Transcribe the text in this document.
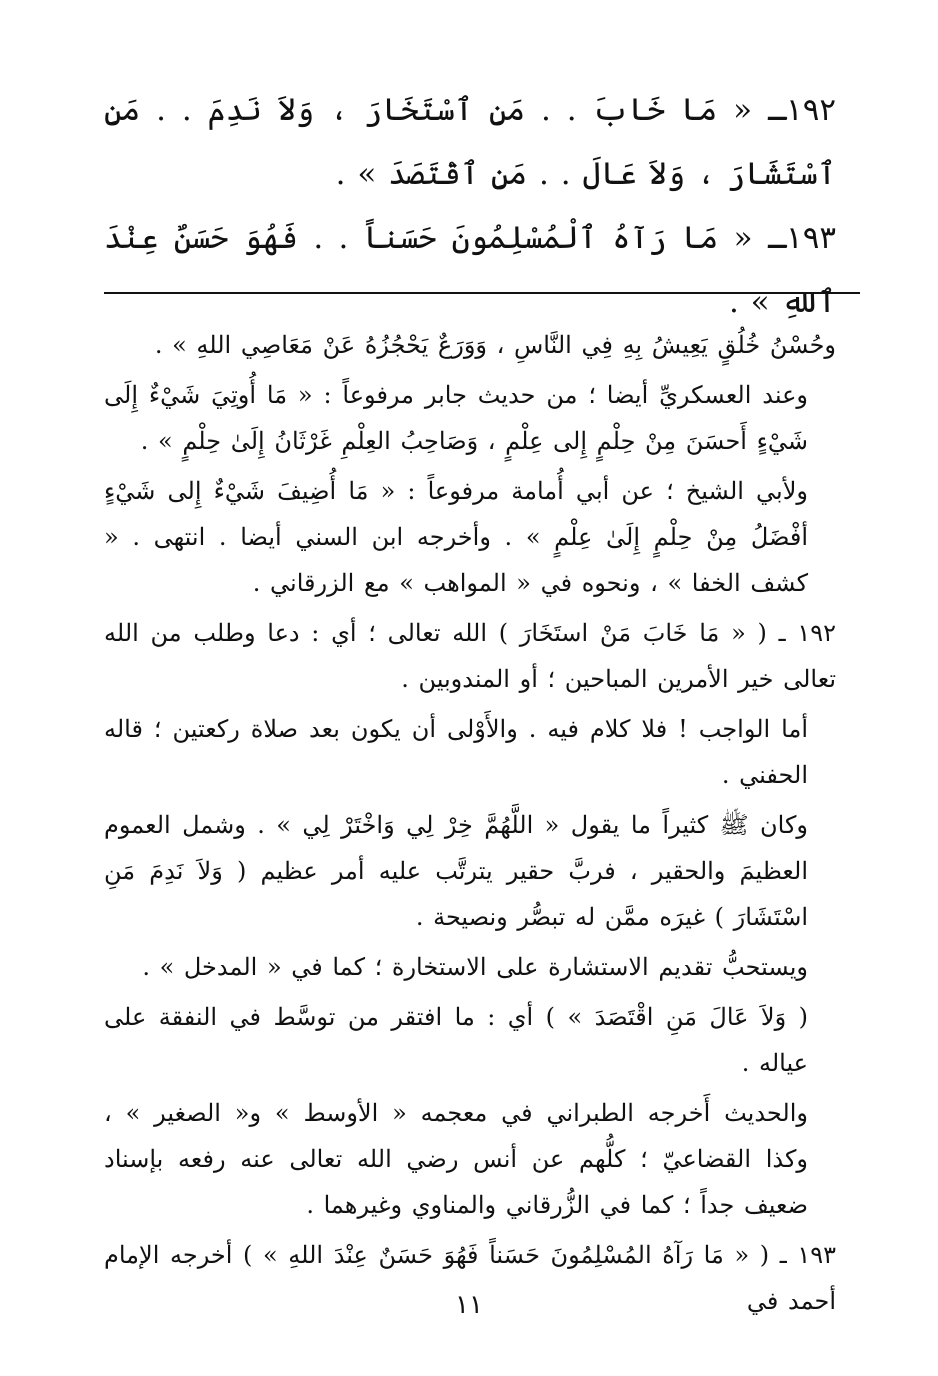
١٩٢ـ « مَا خَابَ . . مَنِ ٱسْتَخَارَ ، وَلاَ نَدِمَ . . مَنِ ٱسْتَشَارَ ، وَلاَ عَالَ . . مَنِ ٱقْتَصَدَ » .

١٩٣ـ « مَا رَآهُ ٱلْمُسْلِمُونَ حَسَناً . . فَهُوَ حَسَنٌ عِنْدَ ٱللهِ » .

وحُسْنُ خُلُقٍ يَعِيشُ بِهِ فِي النَّاسِ ، وَوَرَعٌ يَحْجُزُهُ عَنْ مَعَاصِي اللهِ » .

وعند العسكريِّ أيضا ؛ من حديث جابر مرفوعاً : « مَا أُوتِيَ شَيْءٌ إِلَى شَيْءٍ أَحسَنَ مِنْ حِلْمٍ إِلى عِلْمٍ ، وَصَاحِبُ العِلْمِ غَرْثَانُ إِلَىٰ حِلْمٍ » .

ولأبي الشيخ ؛ عن أبي أُمامة مرفوعاً : « مَا أُضِيفَ شَيْءٌ إِلى شَيْءٍ أفْضَلُ مِنْ حِلْمٍ إِلَىٰ عِلْمٍ » . وأخرجه ابن السني أيضا . انتهى . « كشف الخفا » ، ونحوه في « المواهب » مع الزرقاني .

١٩٢ ـ ( « مَا خَابَ مَنْ استَخَارَ ) الله تعالى ؛ أي : دعا وطلب من الله تعالى خير الأمرين المباحين ؛ أو المندوبين .

أما الواجب ! فلا كلام فيه . والأَوْلى أن يكون بعد صلاة ركعتين ؛ قاله الحفني .

وكان ﷺ كثيراً ما يقول « اللَّهُمَّ خِرْ لِي وَاخْتَرْ لِي » . وشمل العموم العظيمَ والحقير ، فربَّ حقير يترتَّب عليه أمر عظيم ( وَلاَ نَدِمَ مَنِ اسْتَشَارَ ) غيرَه ممَّن له تبصُّر ونصيحة .

ويستحبُّ تقديم الاستشارة على الاستخارة ؛ كما في « المدخل » .

( وَلاَ عَالَ مَنِ اقْتَصَدَ » ) أي : ما افتقر من توسَّط في النفقة على عياله .

والحديث أَخرجه الطبراني في معجمه « الأوسط » و« الصغير » ، وكذا القضاعيّ ؛ كلُّهم عن أنس رضي الله تعالى عنه رفعه بإسناد ضعيف جداً ؛ كما في الزُّرقاني والمناوي وغيرهما .

١٩٣ ـ ( « مَا رَآهُ المُسْلِمُونَ حَسَناً فَهُوَ حَسَنٌ عِنْدَ اللهِ » ) أخرجه الإمام أحمد في

١١
